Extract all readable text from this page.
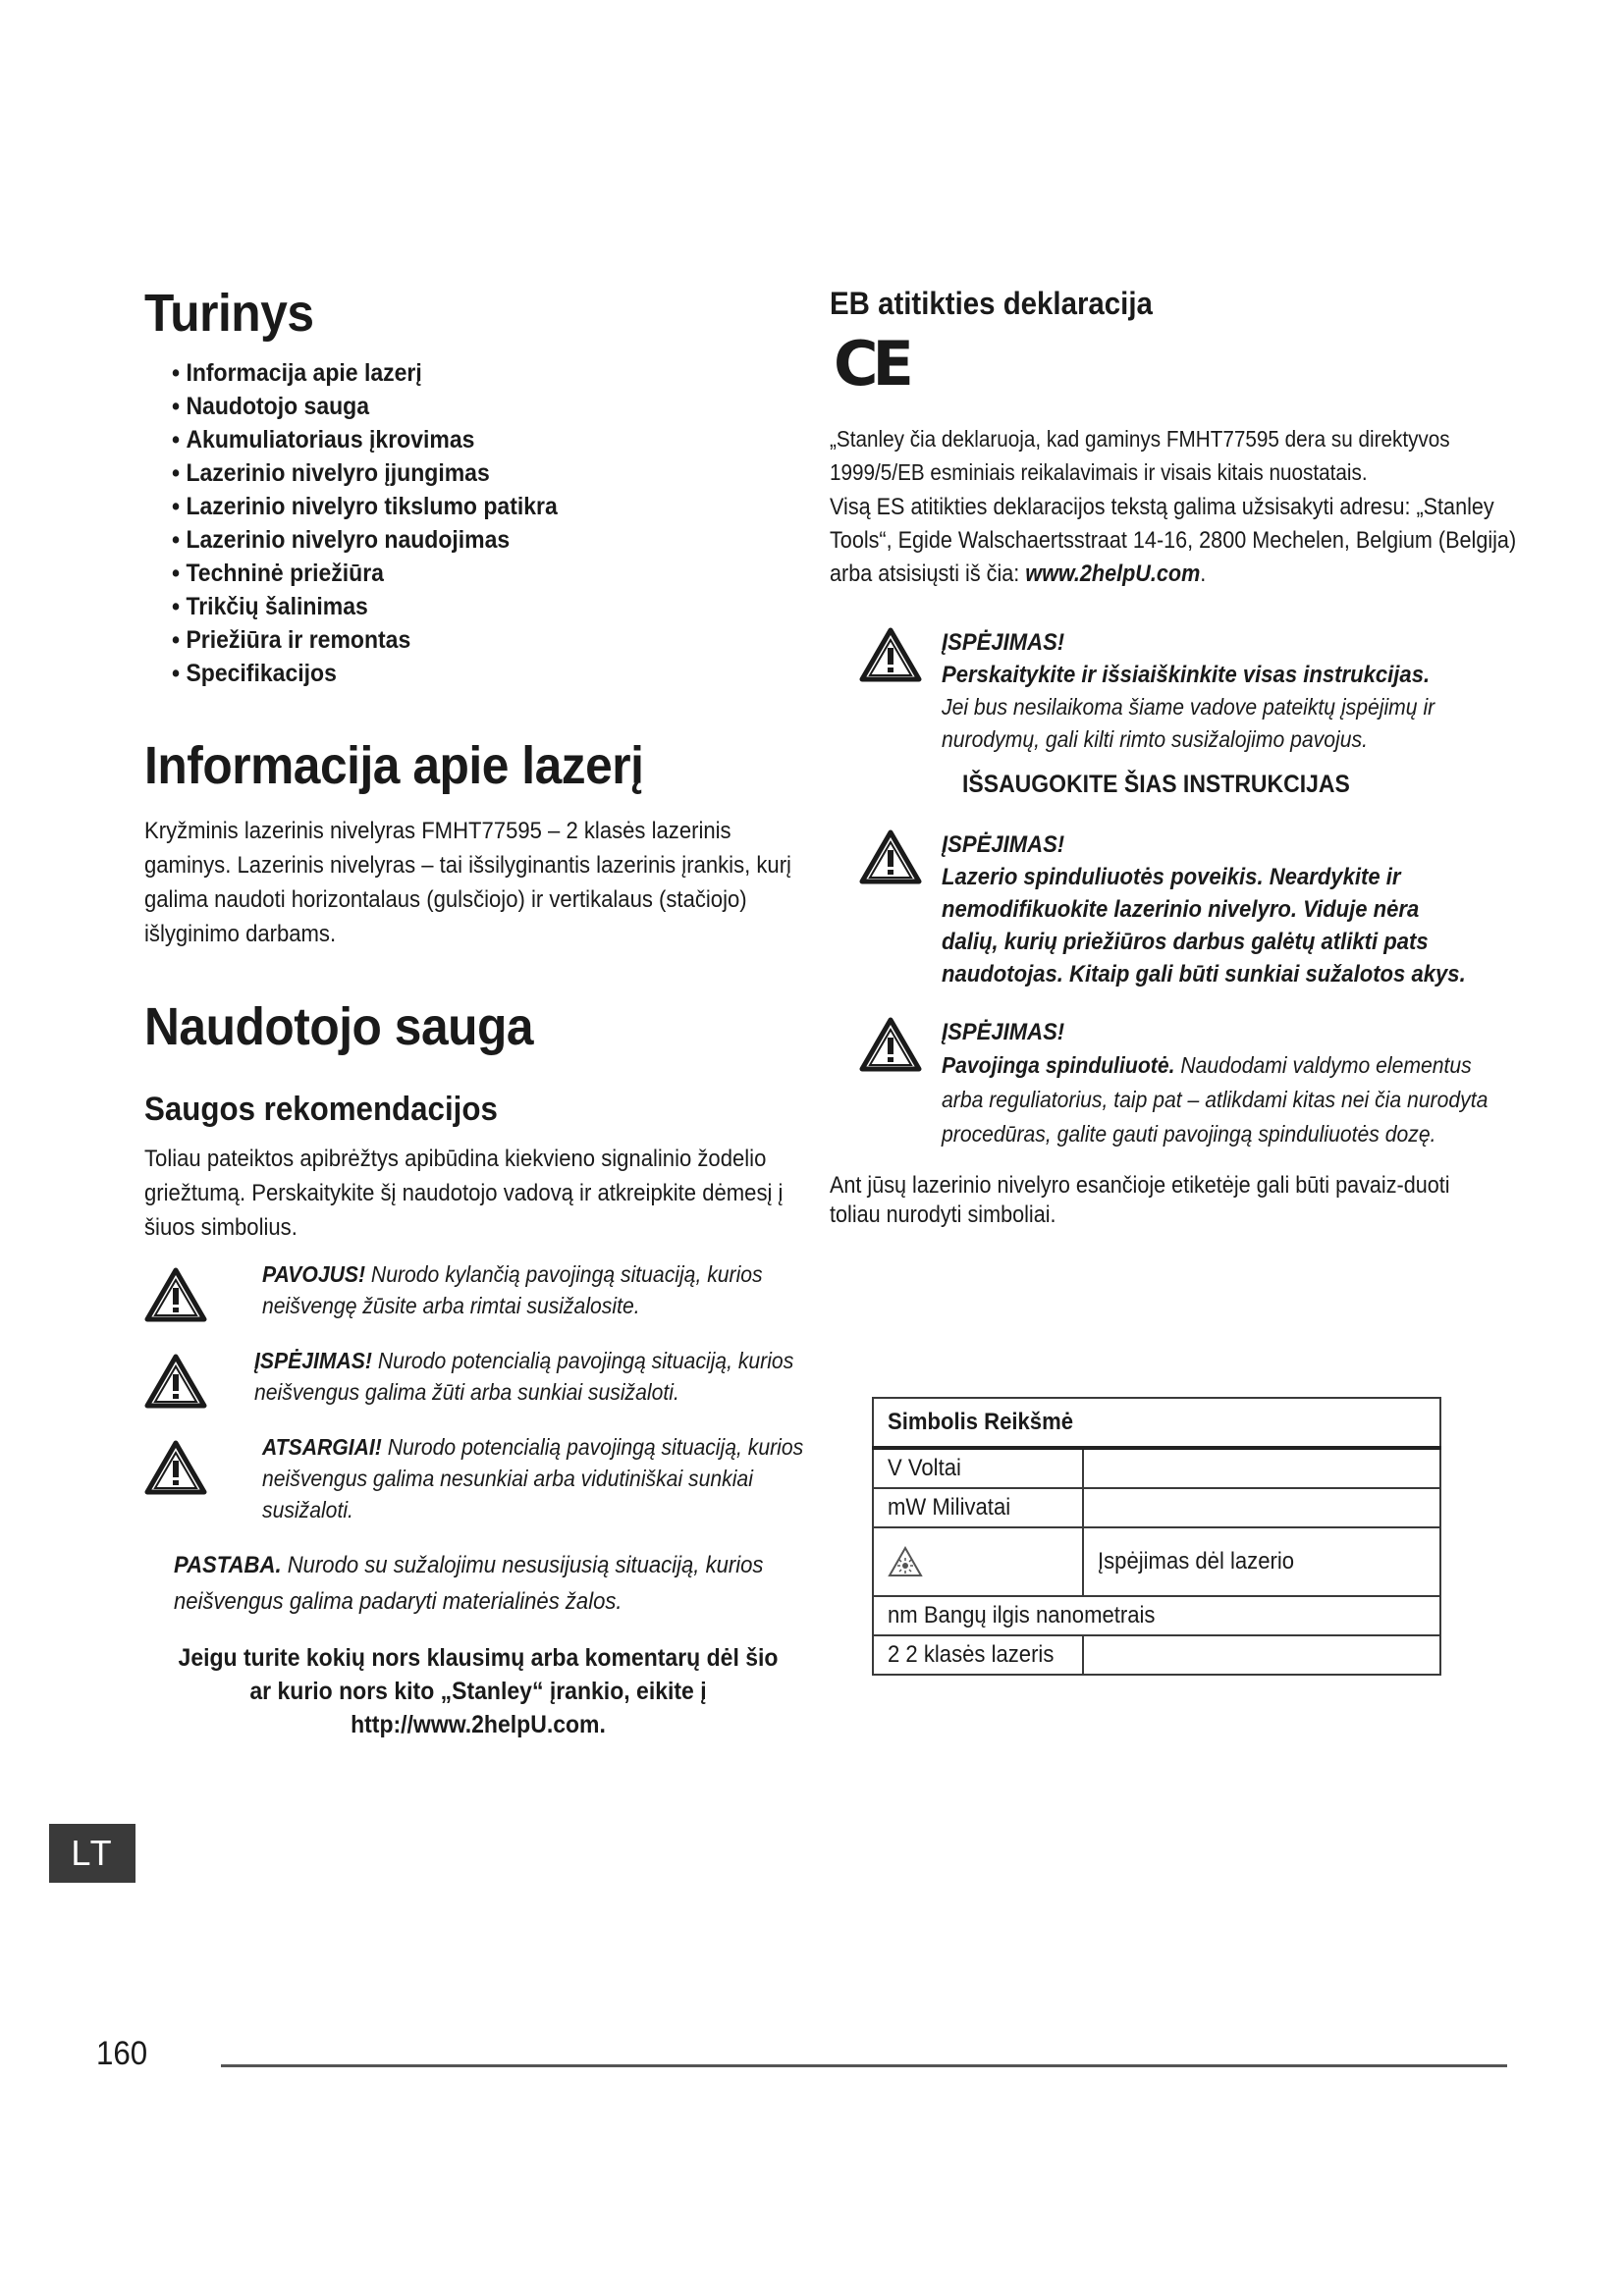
Turinys
• Informacija apie lazerį
• Naudotojo sauga
• Akumuliatoriaus įkrovimas
• Lazerinio nivelyro įjungimas
• Lazerinio nivelyro tikslumo patikra
• Lazerinio nivelyro naudojimas
• Techninė priežiūra
• Trikčių šalinimas
• Priežiūra ir remontas
• Specifikacijos
Informacija apie lazerį

Kryžminis lazerinis nivelyras FMHT77595 – 2 klasės lazerinis gaminys. Lazerinis nivelyras – tai išsilyginantis lazerinis įrankis, kurį galima naudoti horizontalaus (gulsčiojo) ir vertikalaus (stačiojo) išlyginimo darbams.

Naudotojo sauga
Saugos rekomendacijos

Toliau pateiktos apibrėžtys apibūdina kiekvieno signalinio žodelio griežtumą. Perskaitykite šį naudotojo vadovą ir atkreipkite dėmesį į šiuos simbolius.

PAVOJUS! Nurodo kylančią pavojingą situaciją, kurios neišvengę žūsite arba rimtai susižalosite.
ĮSPĖJIMAS! Nurodo potencialią pavojingą situaciją, kurios neišvengus galima žūti arba sunkiai susižaloti.
ATSARGIAI! Nurodo potencialią pavojingą situaciją, kurios neišvengus galima nesunkiai arba vidutiniškai sunkiai susižaloti.
PASTABA. Nurodo su sužalojimu nesusijusią situaciją, kurios neišvengus galima padaryti materialinės žalos.
Jeigu turite kokių nors klausimų arba komentarų dėl šio ar kurio nors kito „Stanley“ įrankio, eikite į http://www.2helpU.com.
EB atitikties deklaracija
CE

„Stanley čia deklaruoja, kad gaminys FMHT77595 dera su direktyvos 1999/5/EB esminiais reikalavimais ir visais kitais nuostatais.

Visą ES atitikties deklaracijos tekstą galima užsisakyti adresu: „Stanley Tools“, Egide Walschaertsstraat 14-16, 2800 Mechelen, Belgium (Belgija) arba atsisiųsti iš čia: www.2helpU.com.

ĮSPĖJIMAS!
Perskaitykite ir išsiaiškinkite visas instrukcijas.
Jei bus nesilaikoma šiame vadove pateiktų įspėjimų ir nurodymų, gali kilti rimto susižalojimo pavojus.
IŠSAUGOKITE ŠIAS INSTRUKCIJAS
ĮSPĖJIMAS!
Lazerio spinduliuotės poveikis. Neardykite ir nemodifikuokite lazerinio nivelyro. Viduje nėra dalių, kurių priežiūros darbus galėtų atlikti pats naudotojas. Kitaip gali būti sunkiai sužalotos akys.
ĮSPĖJIMAS!
Pavojinga spinduliuotė. Naudodami valdymo elementus arba reguliatorius, taip pat – atlikdami kitas nei čia nurodyta procedūras, galite gauti pavojingą spinduliuotės dozę.

Ant jūsų lazerinio nivelyro esančioje etiketėje gali būti pavaiz-duoti toliau nurodyti simboliai.

Simbolis Reikšmė	
V Voltai	
mW Milivatai	
	Įspėjimas dėl lazerio
nm Bangų ilgis nanometrais	
2 2 klasės lazeris	
LT
160
